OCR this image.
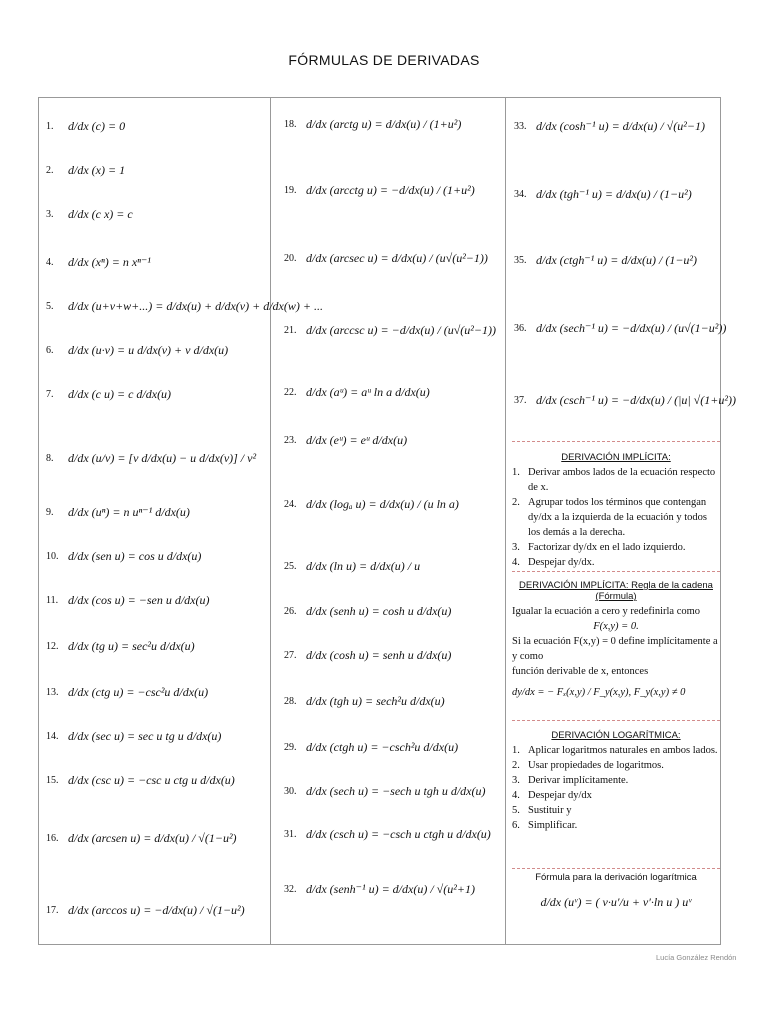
FÓRMULAS DE DERIVADAS
1.	d/dx (c) = 0
2.	d/dx (x) = 1
3.	d/dx (c x) = c
4.	d/dx (xⁿ) = n xⁿ⁻¹
5.	d/dx (u+v+w+...) = d/dx(u) + d/dx(v) + d/dx(w) + ...
6.	d/dx (u·v) = u d/dx(v) + v d/dx(u)
7.	d/dx (c u) = c d/dx(u)
8.	d/dx (u/v) = [v d/dx(u) − u d/dx(v)] / v²
9.	d/dx (uⁿ) = n uⁿ⁻¹ d/dx(u)
10. d/dx (sen u) = cos u d/dx(u)
11. d/dx (cos u) = −sen u d/dx(u)
12. d/dx (tg u) = sec²u d/dx(u)
13. d/dx (ctg u) = −csc²u d/dx(u)
14. d/dx (sec u) = sec u tg u d/dx(u)
15. d/dx (csc u) = −csc u ctg u d/dx(u)
16. d/dx (arcsen u) = d/dx(u) / √(1−u²)
17. d/dx (arccos u) = −d/dx(u) / √(1−u²)
18. d/dx (arctg u) = d/dx(u) / (1+u²)
19. d/dx (arcctg u) = −d/dx(u) / (1+u²)
20. d/dx (arcsec u) = d/dx(u) / (u√(u²−1))
21. d/dx (arccsc u) = −d/dx(u) / (u√(u²−1))
22. d/dx (aᵘ) = aᵘ ln a d/dx(u)
23. d/dx (eᵘ) = eᵘ d/dx(u)
24. d/dx (logₐ u) = d/dx(u) / (u ln a)
25. d/dx (ln u) = d/dx(u) / u
26. d/dx (senh u) = cosh u d/dx(u)
27. d/dx (cosh u) = senh u d/dx(u)
28. d/dx (tgh u) = sech²u d/dx(u)
29. d/dx (ctgh u) = −csch²u d/dx(u)
30. d/dx (sech u) = −sech u tgh u d/dx(u)
31. d/dx (csch u) = −csch u ctgh u d/dx(u)
32. d/dx (senh⁻¹ u) = d/dx(u) / √(u²+1)
33. d/dx (cosh⁻¹ u) = d/dx(u) / √(u²−1)
34. d/dx (tgh⁻¹ u) = d/dx(u) / (1−u²)
35. d/dx (ctgh⁻¹ u) = d/dx(u) / (1−u²)
36. d/dx (sech⁻¹ u) = −d/dx(u) / (u√(1−u²))
37. d/dx (csch⁻¹ u) = −d/dx(u) / (|u| √(1+u²))
DERIVACIÓN IMPLÍCITA:
1. Derivar ambos lados de la ecuación respecto de x.
2. Agrupar todos los términos que contengan dy/dx a la izquierda de la ecuación y todos los demás a la derecha.
3. Factorizar dy/dx en el lado izquierdo.
4. Despejar dy/dx.
DERIVACIÓN IMPLÍCITA: Regla de la cadena (Fórmula)
Igualar la ecuación a cero y redefinirla como
F(x,y) = 0.
Si la ecuación F(x,y) = 0 define implícitamente a y como
función derivable de x, entonces
dy/dx = − Fₓ(x,y) / F_y(x,y), F_y(x,y) ≠ 0
DERIVACIÓN LOGARÍTMICA:
1. Aplicar logaritmos naturales en ambos lados.
2. Usar propiedades de logaritmos.
3. Derivar implícitamente.
4. Despejar dy/dx
5. Sustituir y
6. Simplificar.
Fórmula para la derivación logarítmica
d/dx (uᵛ) = ( v·u′/u + v′·ln u ) uᵛ
Lucía González Rendón
